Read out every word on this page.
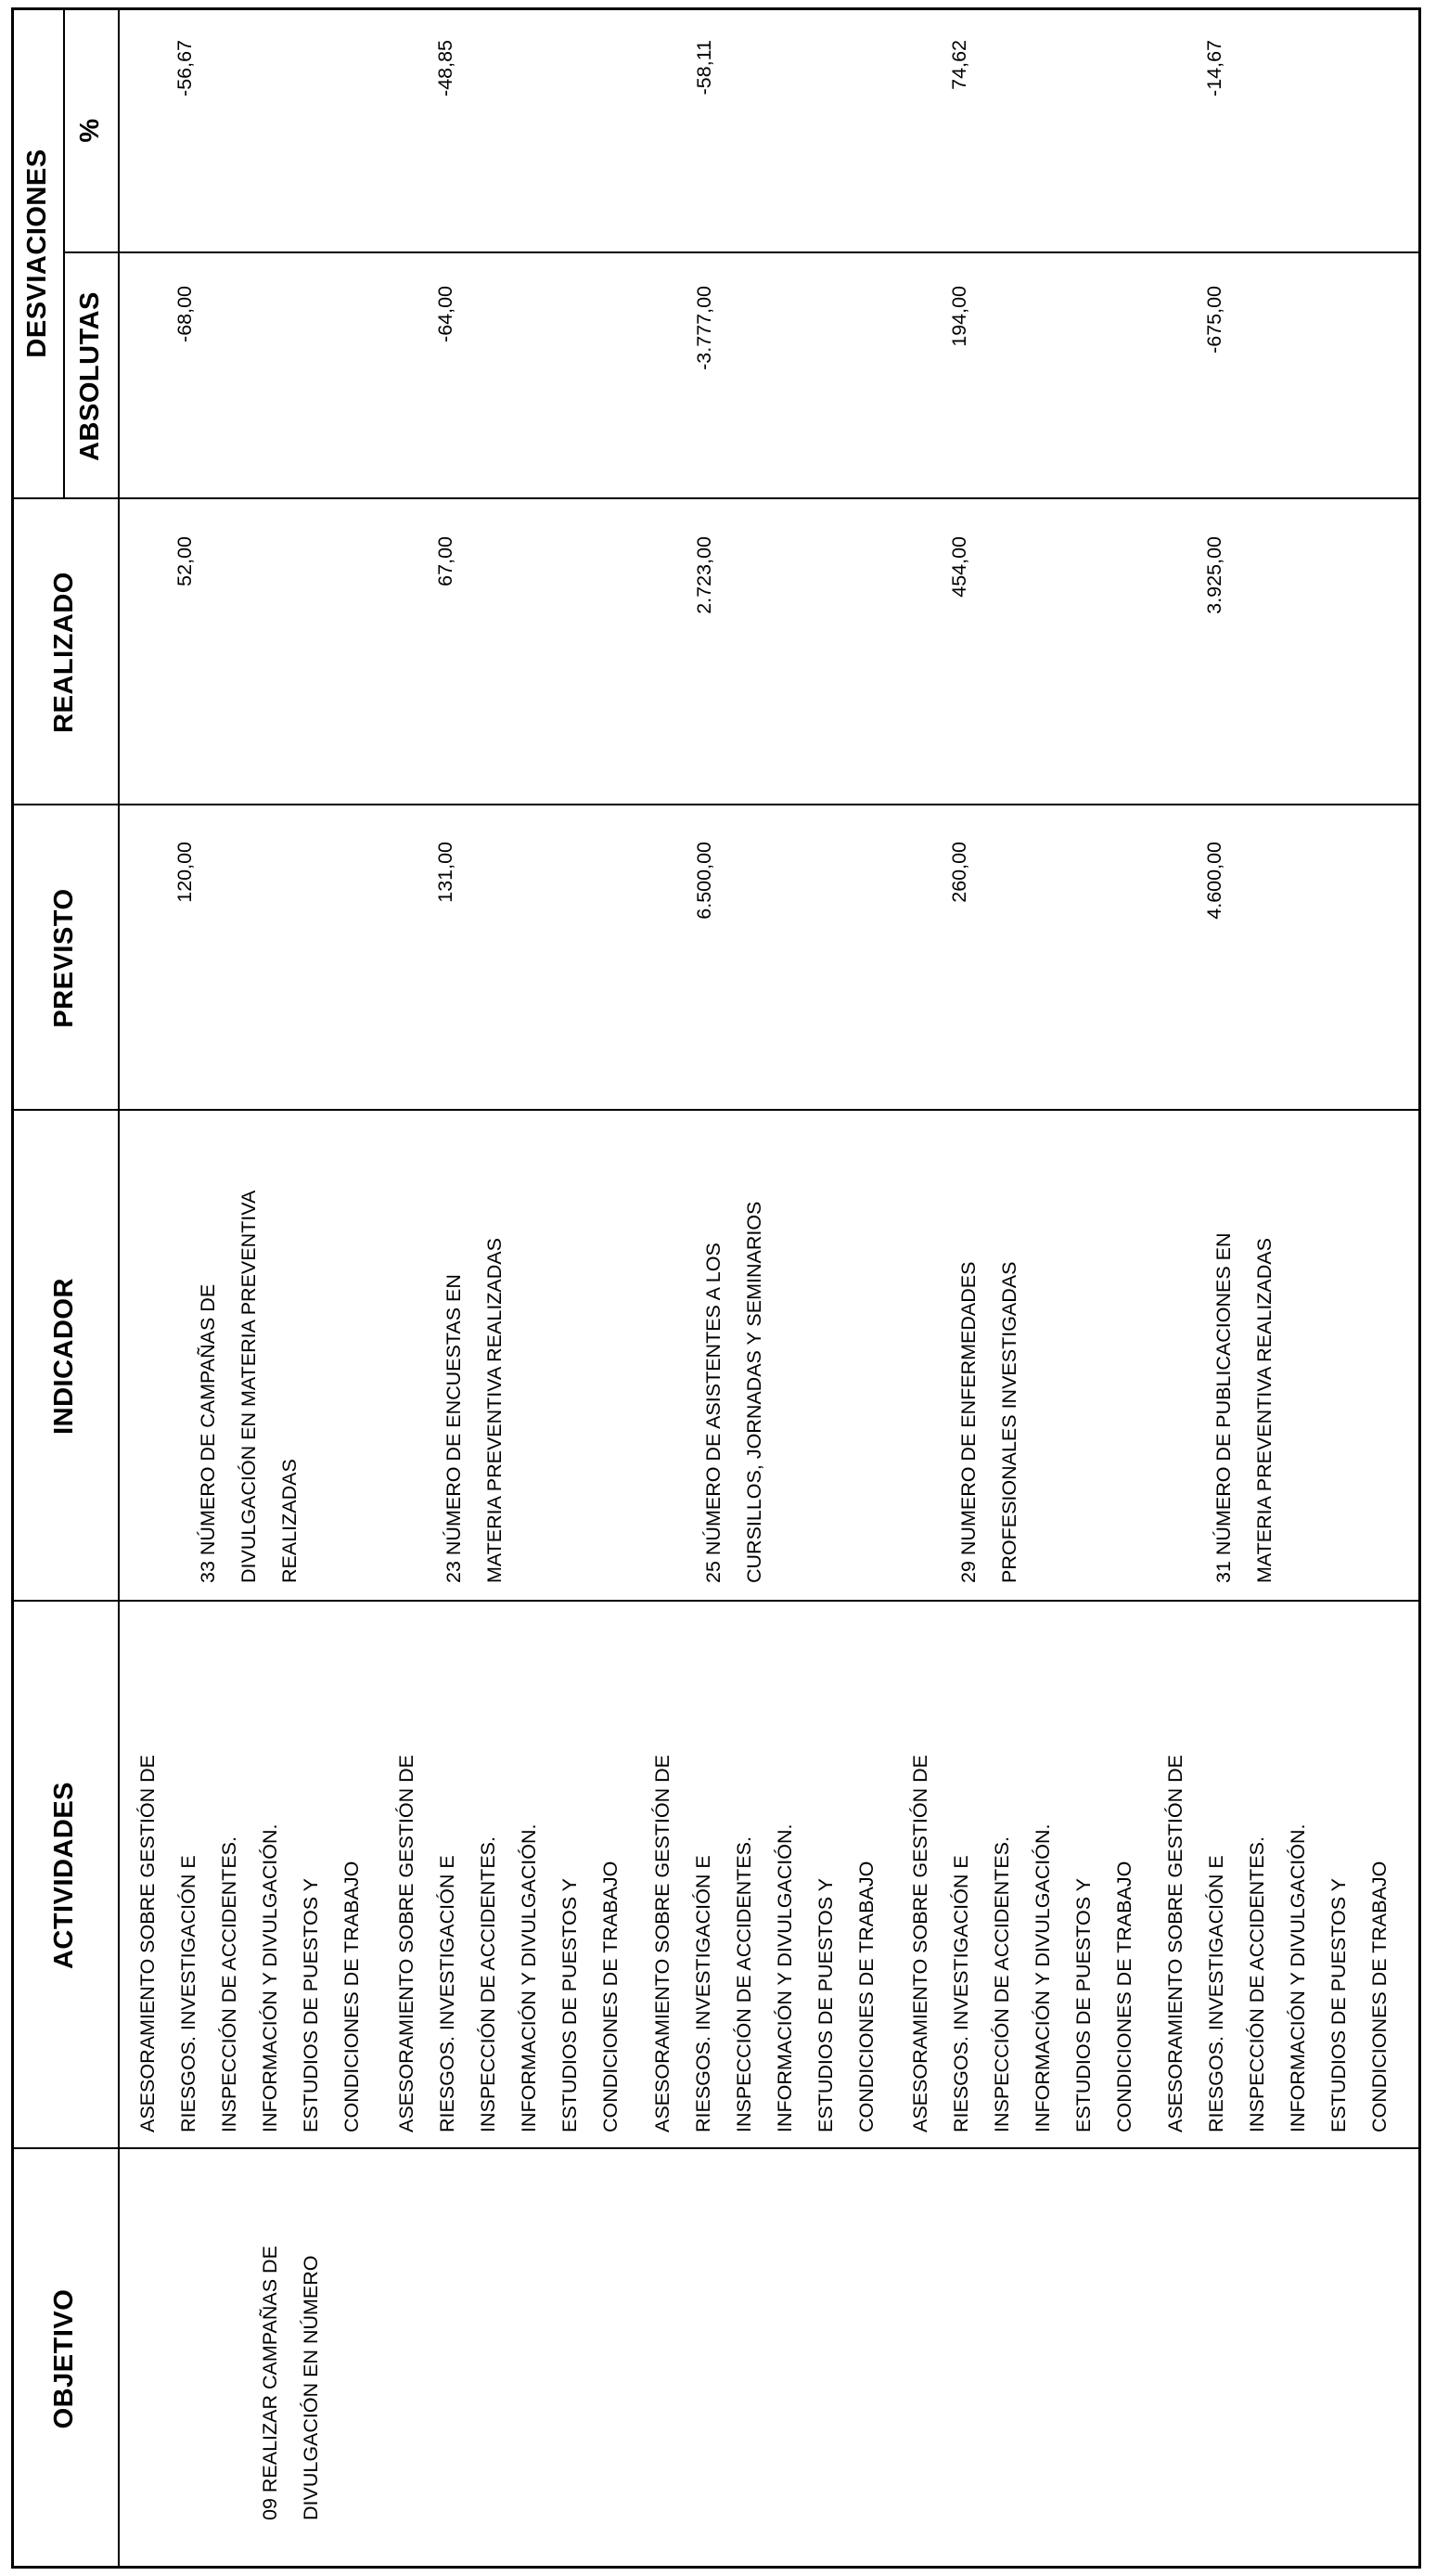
OBJETIVO
ACTIVIDADES
INDICADOR
PREVISTO
REALIZADO
DESVIACIONES
ABSOLUTAS
%
09 REALIZAR CAMPAÑAS DE
DIVULGACIÓN EN NÚMERO
ASESORAMIENTO SOBRE GESTIÓN DE
RIESGOS. INVESTIGACIÓN E
INSPECCIÓN DE ACCIDENTES.
INFORMACIÓN Y DIVULGACIÓN.
ESTUDIOS DE PUESTOS Y
CONDICIONES DE TRABAJO
33 NÚMERO DE CAMPAÑAS DE
DIVULGACIÓN EN MATERIA PREVENTIVA
REALIZADAS
120,00
52,00
-68,00
-56,67
ASESORAMIENTO SOBRE GESTIÓN DE
RIESGOS. INVESTIGACIÓN E
INSPECCIÓN DE ACCIDENTES.
INFORMACIÓN Y DIVULGACIÓN.
ESTUDIOS DE PUESTOS Y
CONDICIONES DE TRABAJO
23 NÚMERO DE ENCUESTAS EN
MATERIA PREVENTIVA REALIZADAS
131,00
67,00
-64,00
-48,85
ASESORAMIENTO SOBRE GESTIÓN DE
RIESGOS. INVESTIGACIÓN E
INSPECCIÓN DE ACCIDENTES.
INFORMACIÓN Y DIVULGACIÓN.
ESTUDIOS DE PUESTOS Y
CONDICIONES DE TRABAJO
25 NÚMERO DE ASISTENTES A LOS
CURSILLOS, JORNADAS Y SEMINARIOS
6.500,00
2.723,00
-3.777,00
-58,11
ASESORAMIENTO SOBRE GESTIÓN DE
RIESGOS. INVESTIGACIÓN E
INSPECCIÓN DE ACCIDENTES.
INFORMACIÓN Y DIVULGACIÓN.
ESTUDIOS DE PUESTOS Y
CONDICIONES DE TRABAJO
29 NUMERO DE ENFERMEDADES
PROFESIONALES INVESTIGADAS
260,00
454,00
194,00
74,62
ASESORAMIENTO SOBRE GESTIÓN DE
RIESGOS. INVESTIGACIÓN E
INSPECCIÓN DE ACCIDENTES.
INFORMACIÓN Y DIVULGACIÓN.
ESTUDIOS DE PUESTOS Y
CONDICIONES DE TRABAJO
31 NÚMERO DE PUBLICACIONES EN
MATERIA PREVENTIVA REALIZADAS
4.600,00
3.925,00
-675,00
-14,67
